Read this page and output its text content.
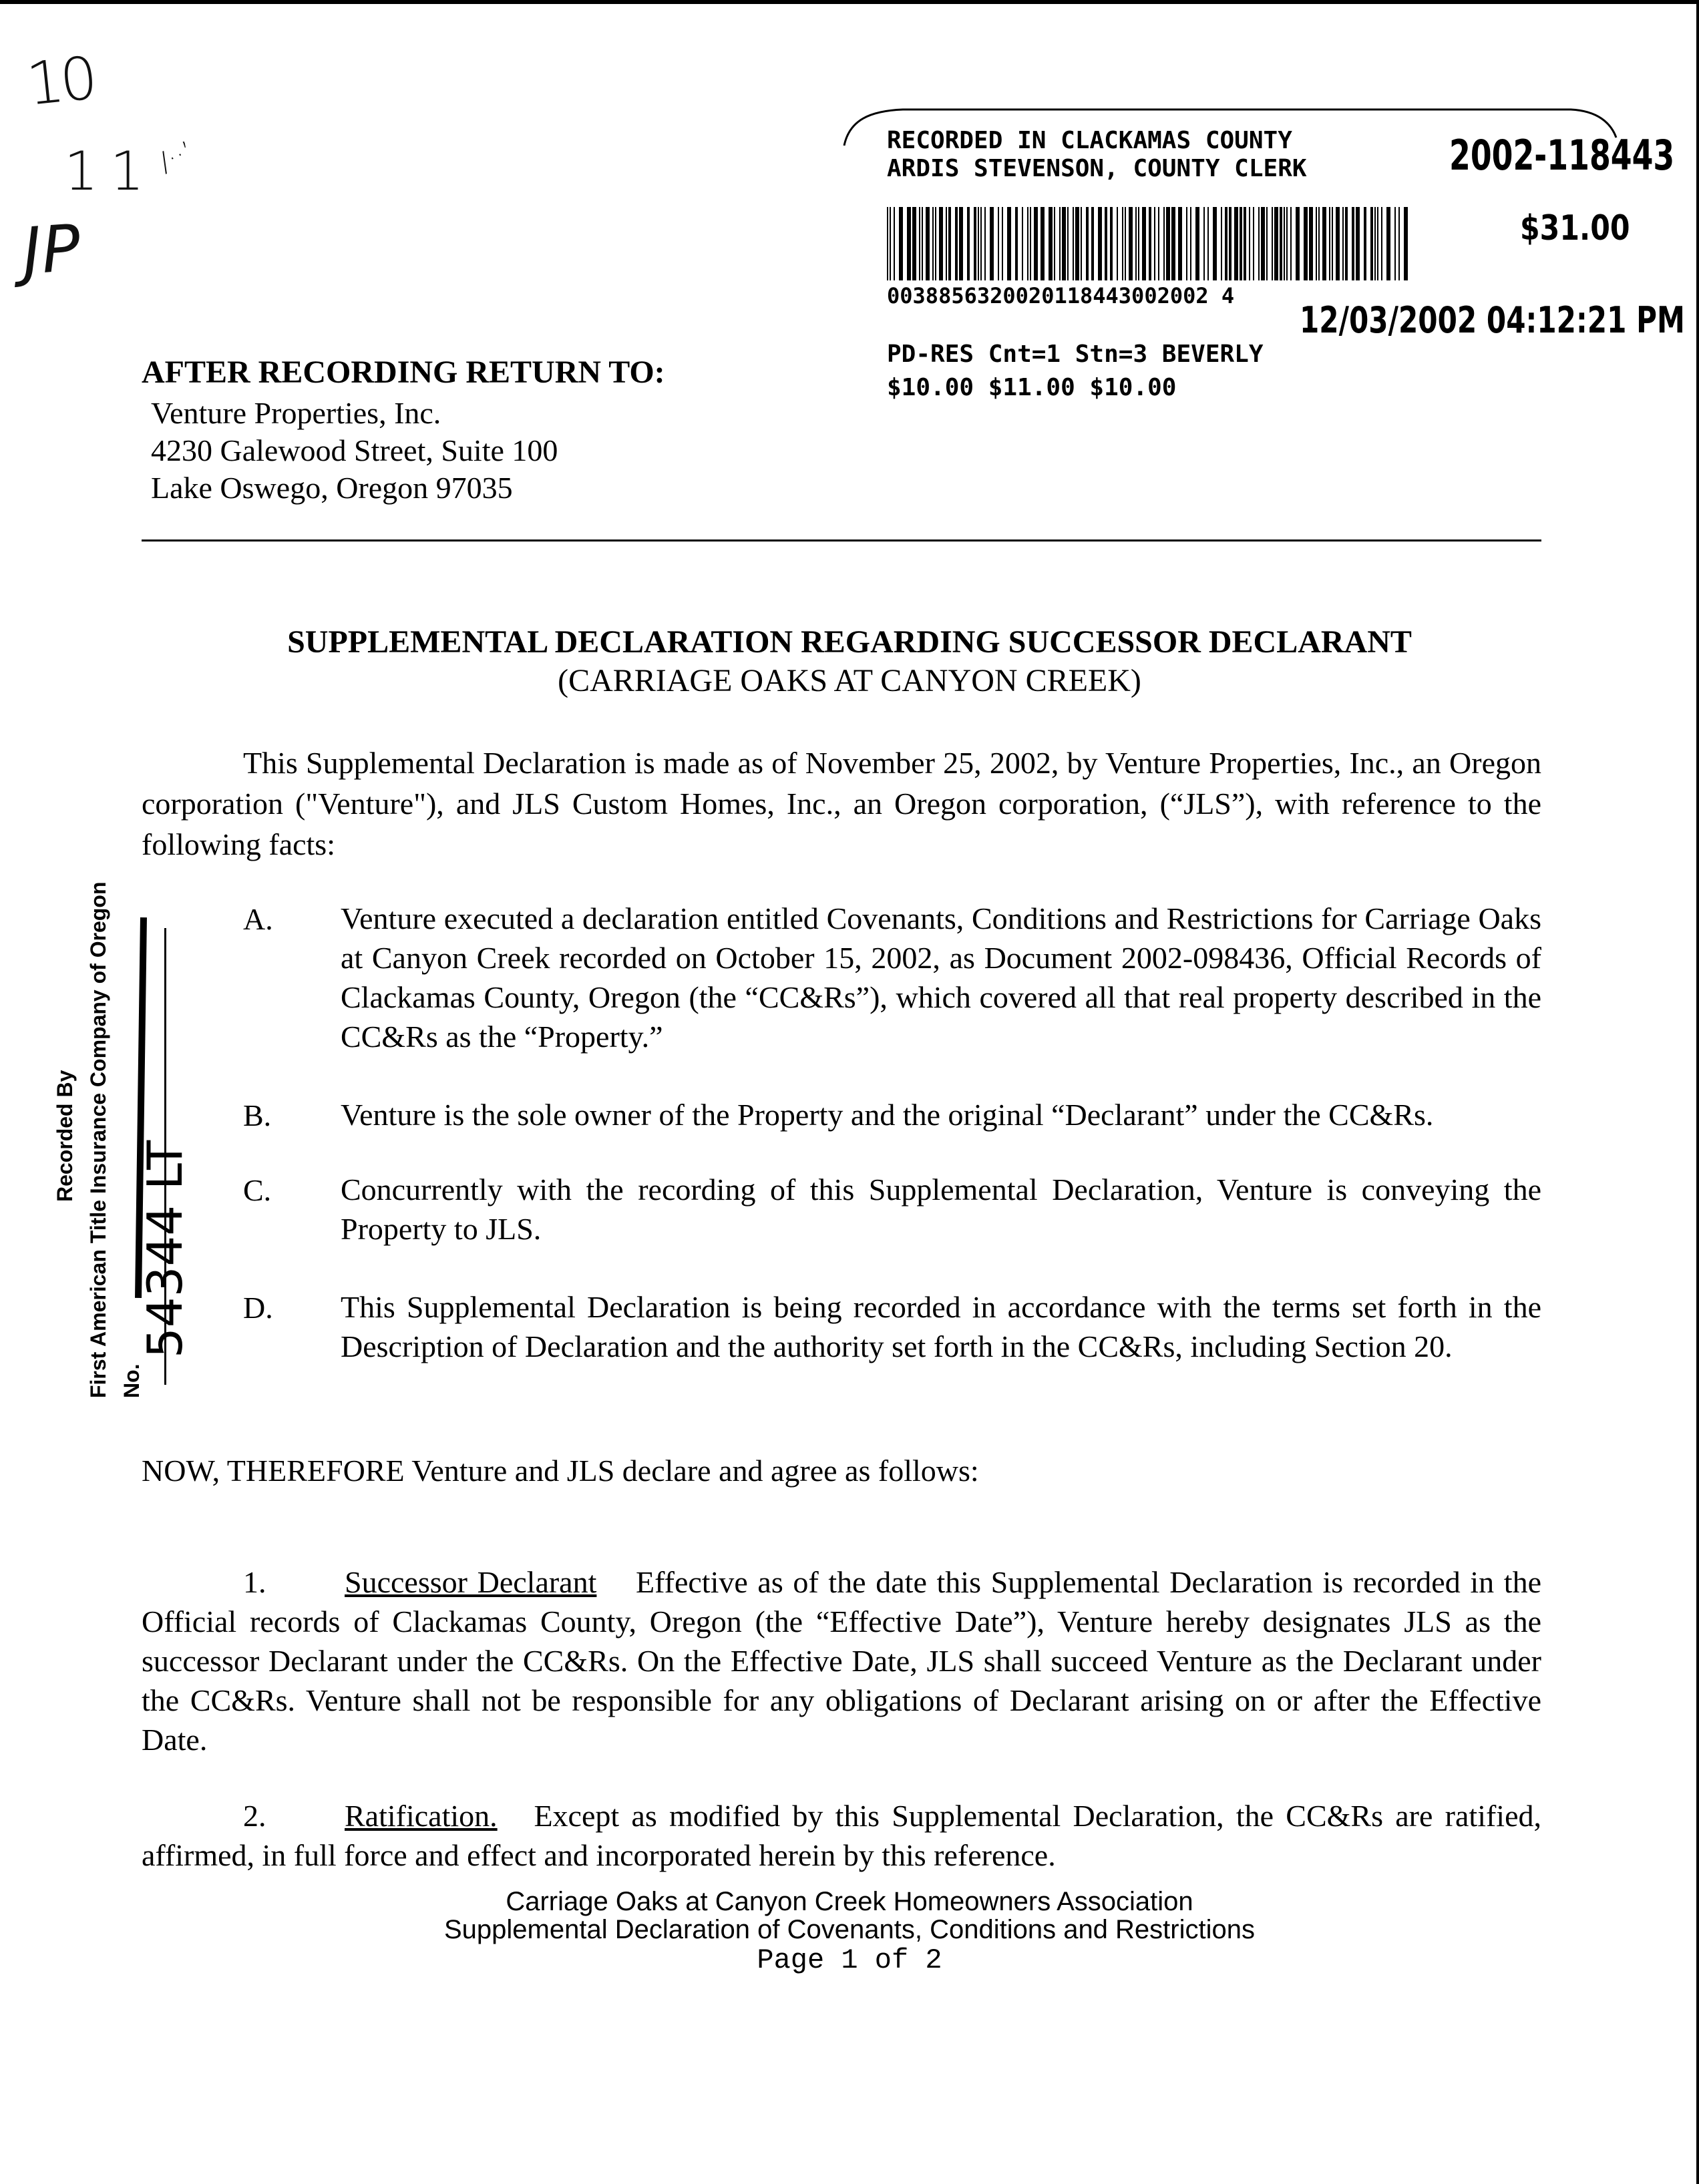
10
11
JP
∕··’	RECORDED IN CLACKAMAS COUNTY
ARDIS STEVENSON, COUNTY CLERK	2002-118443
$31.00
0038856320020118443002002 4
12/03/2002 04:12:21 PM
PD-RES Cnt=1 Stn=3 BEVERLY
$10.00 $11.00 $10.00
AFTER RECORDING RETURN TO:
Venture Properties, Inc.
4230 Galewood Street, Suite 100
Lake Oswego, Oregon 97035
SUPPLEMENTAL DECLARATION REGARDING SUCCESSOR DECLARANT
(CARRIAGE OAKS AT CANYON CREEK)
This Supplemental Declaration is made as of November 25, 2002, by Venture Properties, Inc., an Oregon corporation ("Venture"), and JLS Custom Homes, Inc., an Oregon corporation, (“JLS”), with reference to the following facts:
A. Venture executed a declaration entitled Covenants, Conditions and Restrictions for Carriage Oaks at Canyon Creek recorded on October 15, 2002, as Document 2002-098436, Official Records of Clackamas County, Oregon (the “CC&Rs”), which covered all that real property described in the CC&Rs as the “Property.”
B. Venture is the sole owner of the Property and the original “Declarant” under the CC&Rs.
C. Concurrently with the recording of this Supplemental Declaration, Venture is conveying the Property to JLS.
D. This Supplemental Declaration is being recorded in accordance with the terms set forth in the Description of Declaration and the authority set forth in the CC&Rs, including Section 20.
NOW, THEREFORE Venture and JLS declare and agree as follows:
1.	Successor Declarant Effective as of the date this Supplemental Declaration is recorded in the Official records of Clackamas County, Oregon (the “Effective Date”), Venture hereby designates JLS as the successor Declarant under the CC&Rs. On the Effective Date, JLS shall succeed Venture as the Declarant under the CC&Rs. Venture shall not be responsible for any obligations of Declarant arising on or after the Effective Date.
2.	Ratification. Except as modified by this Supplemental Declaration, the CC&Rs are ratified, affirmed, in full force and effect and incorporated herein by this reference.
Carriage Oaks at Canyon Creek Homeowners Association
Supplemental Declaration of Covenants, Conditions and Restrictions
Page 1 of 2
Recorded By First American Title Insurance Company of Oregon No.
54344 LT
